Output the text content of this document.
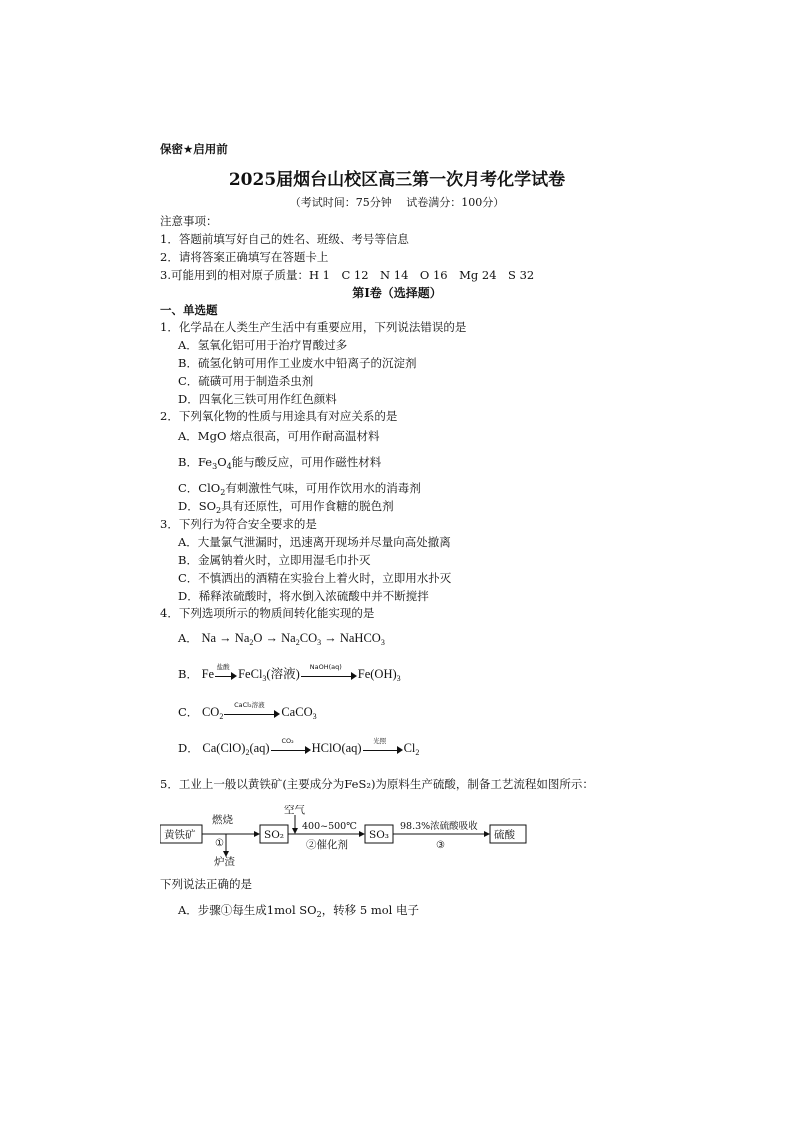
保密★启用前
2025届烟台山校区高三第一次月考化学试卷
（考试时间：75分钟　 试卷满分：100分）
注意事项：
1．答题前填写好自己的姓名、班级、考号等信息
2．请将答案正确填写在答题卡上
3.可能用到的相对原子质量：H 1　C 12　N 14　O 16　Mg 24　S 32
第Ⅰ卷（选择题）
一、单选题
1．化学品在人类生产生活中有重要应用，下列说法错误的是
A．氢氧化铝可用于治疗胃酸过多
B．硫氢化钠可用作工业废水中铅离子的沉淀剂
C．硫磺可用于制造杀虫剂
D．四氧化三铁可用作红色颜料
2．下列氧化物的性质与用途具有对应关系的是
A．MgO 熔点很高，可用作耐高温材料
B．$Fe_3O_4$能与酸反应，可用作磁性材料
C．ClO$_2$有刺激性气味，可用作饮用水的消毒剂
D．$SO_2$具有还原性，可用作食糖的脱色剂
3．下列行为符合安全要求的是
A．大量氯气泄漏时，迅速离开现场并尽量向高处撤离
B．金属钠着火时，立即用湿毛巾扑灭
C．不慎洒出的酒精在实验台上着火时，立即用水扑灭
D．稀释浓硫酸时，将水倒入浓硫酸中并不断搅拌
4．下列选项所示的物质间转化能实现的是
A． $Na \to Na_2O \to Na_2CO_3$ → NaHCO$_3$
B． Fe 盐酸 FeCl$_3$(溶液)	NaOH(aq)	$Fe(OH)_3$
C． $CO_2$
CaCl₂溶液	CaCO$_3$
D． $Ca(ClO)_2(aq)$	CO₂	HClO(aq)	光照	$Cl_2$
5．工业上一般以黄铁矿(主要成分为FeS₂)为原料生产硫酸，制备工艺流程如图所示：
黄铁矿
燃烧
①
炉渣
SO₂
空气
400~500℃
②催化剂
SO₃
98.3%浓硫酸吸收
③
硫酸
下列说法正确的是
A．步骤①每生成1mol $SO_2$，转移 5 mol 电子
